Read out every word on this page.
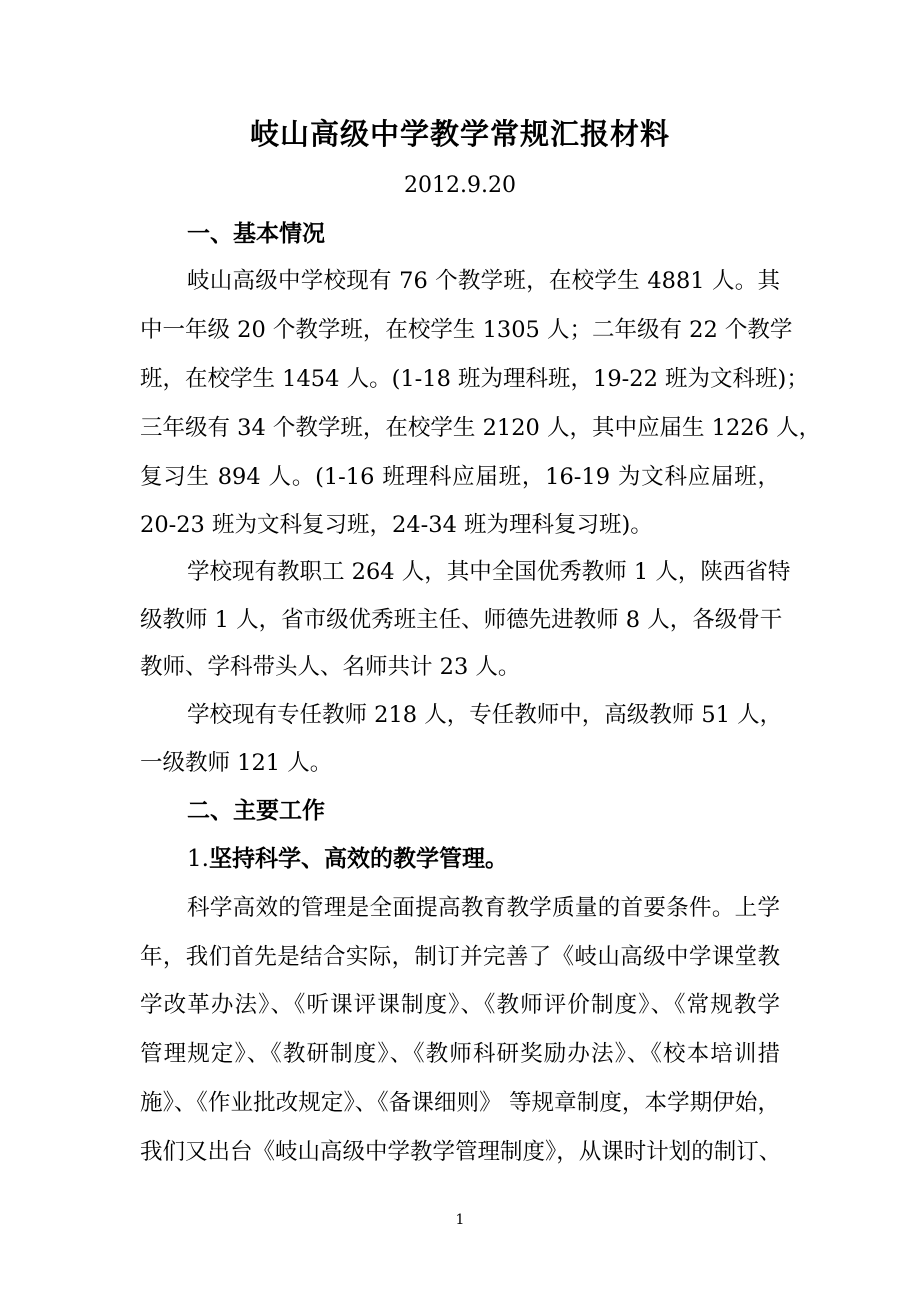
岐山高级中学教学常规汇报材料
2012.9.20
一、基本情况
岐山高级中学校现有 76 个教学班，在校学生 4881 人。其
中一年级 20 个教学班，在校学生 1305 人；二年级有 22 个教学
班，在校学生 1454 人。(1-18 班为理科班，19-22 班为文科班)；
三年级有 34 个教学班，在校学生 2120 人，其中应届生 1226 人，
复习生 894 人。(1-16 班理科应届班，16-19 为文科应届班，
20-23 班为文科复习班，24-34 班为理科复习班)。
学校现有教职工 264 人，其中全国优秀教师 1 人，陕西省特
级教师 1 人，省市级优秀班主任、师德先进教师 8 人，各级骨干
教师、学科带头人、名师共计 23 人。
学校现有专任教师 218 人，专任教师中，高级教师 51 人，
一级教师 121 人。
二、主要工作
1.坚持科学、高效的教学管理。
科学高效的管理是全面提高教育教学质量的首要条件。上学
年，我们首先是结合实际，制订并完善了《岐山高级中学课堂教
学改革办法》、《听课评课制度》、《教师评价制度》、《常规教学
管理规定》、《教研制度》、《教师科研奖励办法》、《校本培训措
施》、《作业批改规定》、《备课细则》 等规章制度，本学期伊始，
我们又出台《岐山高级中学教学管理制度》，从课时计划的制订、
1
